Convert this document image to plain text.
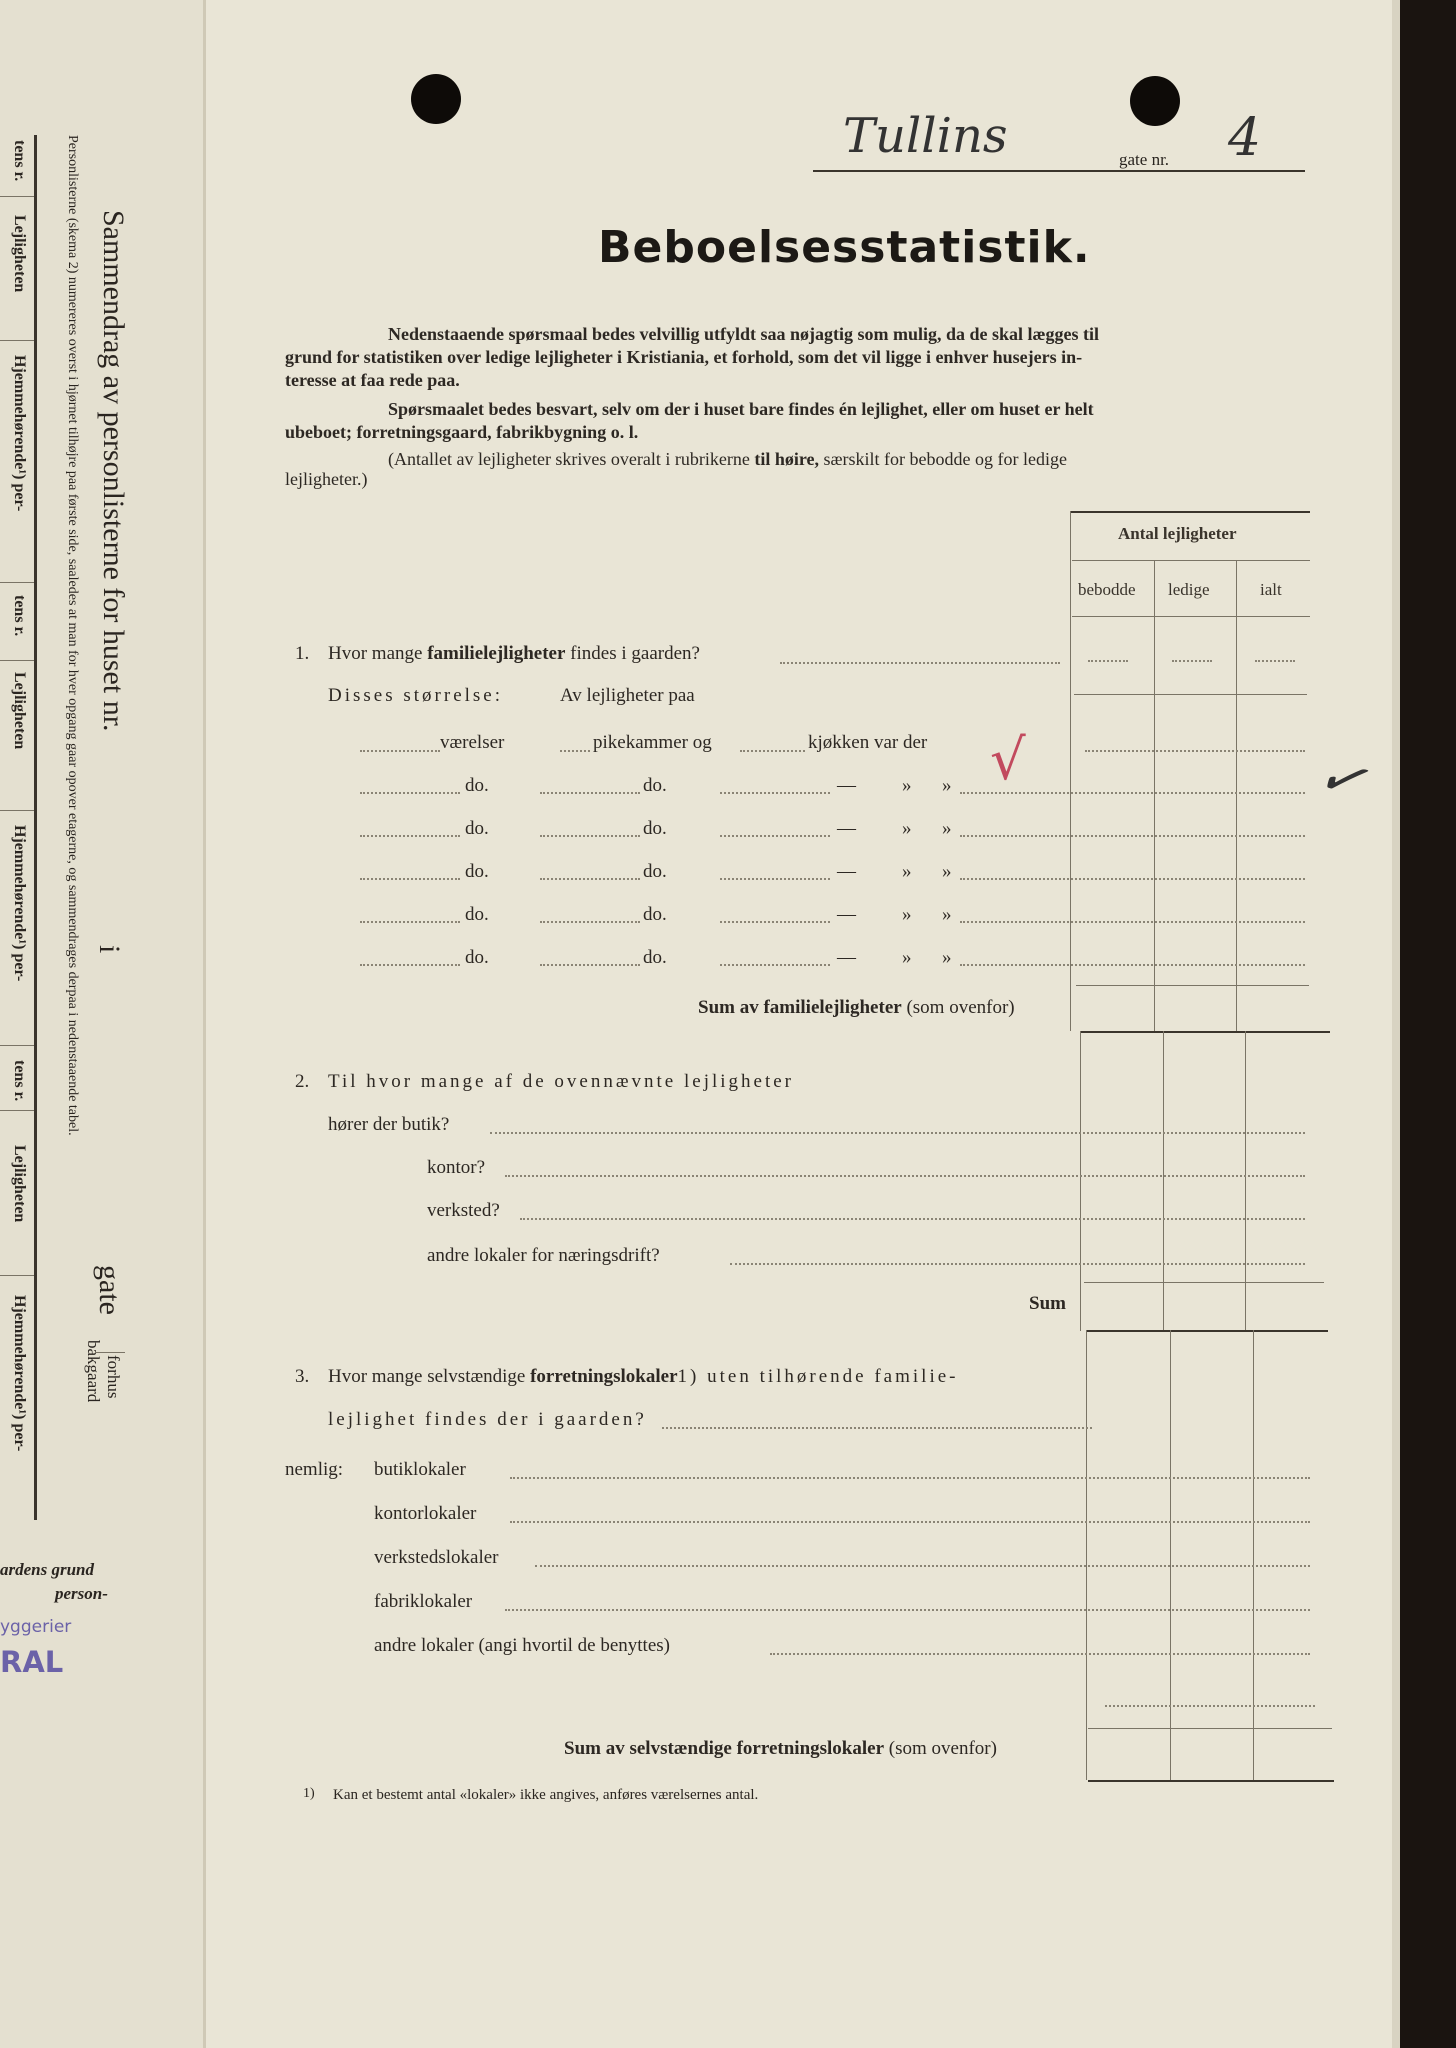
tens r.
Lejligheten
Hjemmehørende¹) per-
tens r.
Lejligheten
Hjemmehørende¹) per-
tens r.
Lejligheten
Hjemmehørende¹) per-
Personlisterne (skema 2) numereres overst i hjørnet tilhøjre paa første side, saaledes at man for hver opgang gaar opover etagerne, og sammendrages derpaa i nedenstaaende tabel. Sammendrag av personlisterne for huset nr.
i
gate
forhus
bakgaard
ardens grund
person-
yggerier
RAL
Tullins	gate nr. 4
Beboelsesstatistik.
Nedenstaaende spørsmaal bedes velvillig utfyldt saa nøjagtig som mulig, da de skal lægges til
grund for statistiken over ledige lejligheter i Kristiania, et forhold, som det vil ligge i enhver husejers in-
teresse at faa rede paa.
Spørsmaalet bedes besvart, selv om der i huset bare findes én lejlighet, eller om huset er helt
ubeboet; forretningsgaard, fabrikbygning o. l.
(Antallet av lejligheter skrives overalt i rubrikerne til høire, særskilt for bebodde og for ledige
lejligheter.)
Antal lejligheter
bebodde ledige	ialt
1. Hvor mange familielejligheter findes i gaarden?
Disses størrelse:	Av lejligheter paa
værelser	pikekammer og	kjøkken var der √	✓
do.	do.	— » »
do.	do.	— » »
do.	do.	— » »
do.	do.	— » »
do.	do.	— » »
Sum av familielejligheter (som ovenfor)
2. Til hvor mange af de ovennævnte lejligheter
hører der butik?
kontor?
verksted?
andre lokaler for næringsdrift?
Sum
3. Hvor mange selvstændige forretningslokaler1) uten tilhørende familie-
lejlighet findes der i gaarden?
nemlig: butiklokaler
kontorlokaler
verkstedslokaler
fabriklokaler
andre lokaler (angi hvortil de benyttes)
Sum av selvstændige forretningslokaler (som ovenfor)
1) Kan et bestemt antal «lokaler» ikke angives, anføres værelsernes antal.
